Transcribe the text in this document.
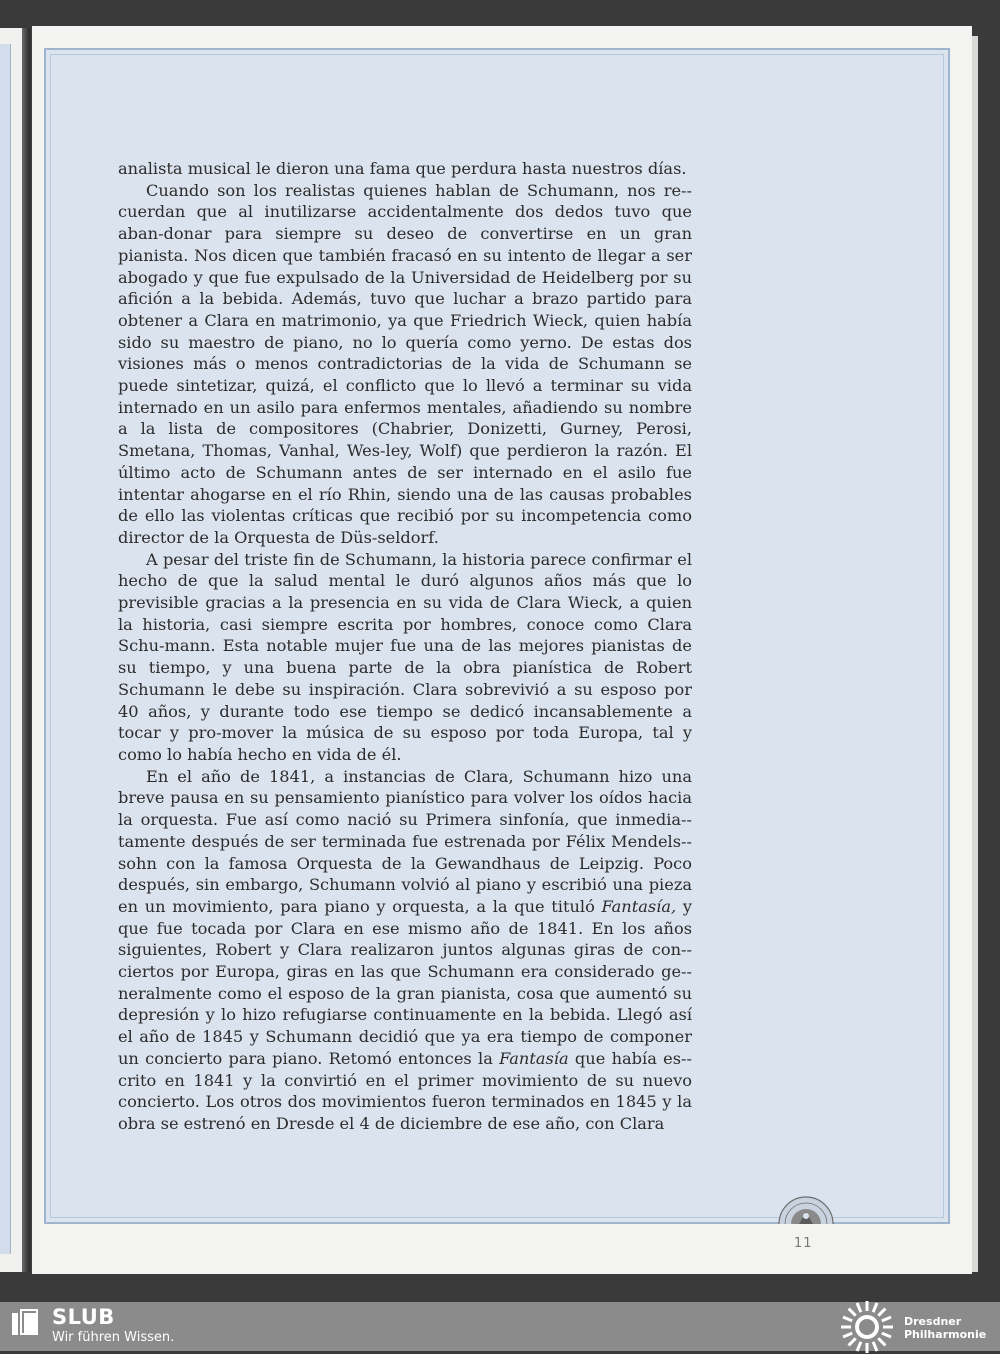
analista musical le dieron una fama que perdura hasta nuestros días.

Cuando son los realistas quienes hablan de Schumann, nos re-cuerdan que al inutilizarse accidentalmente dos dedos tuvo que aban-donar para siempre su deseo de convertirse en un gran pianista. Nos dicen que también fracasó en su intento de llegar a ser abogado y que fue expulsado de la Universidad de Heidelberg por su afición a la bebida. Además, tuvo que luchar a brazo partido para obtener a Clara en matrimonio, ya que Friedrich Wieck, quien había sido su maestro de piano, no lo quería como yerno. De estas dos visiones más o menos contradictorias de la vida de Schumann se puede sintetizar, quizá, el conflicto que lo llevó a terminar su vida internado en un asilo para enfermos mentales, añadiendo su nombre a la lista de compositores (Chabrier, Donizetti, Gurney, Perosi, Smetana, Thomas, Vanhal, Wes-ley, Wolf) que perdieron la razón. El último acto de Schumann antes de ser internado en el asilo fue intentar ahogarse en el río Rhin, siendo una de las causas probables de ello las violentas críticas que recibió por su incompetencia como director de la Orquesta de Düs-seldorf.

A pesar del triste fin de Schumann, la historia parece confirmar el hecho de que la salud mental le duró algunos años más que lo previsible gracias a la presencia en su vida de Clara Wieck, a quien la historia, casi siempre escrita por hombres, conoce como Clara Schu-mann. Esta notable mujer fue una de las mejores pianistas de su tiempo, y una buena parte de la obra pianística de Robert Schumann le debe su inspiración. Clara sobrevivió a su esposo por 40 años, y durante todo ese tiempo se dedicó incansablemente a tocar y pro-mover la música de su esposo por toda Europa, tal y como lo había hecho en vida de él.

En el año de 1841, a instancias de Clara, Schumann hizo una breve pausa en su pensamiento pianístico para volver los oídos hacia la orquesta. Fue así como nació su Primera sinfonía, que inmedia-tamente después de ser terminada fue estrenada por Félix Mendels-sohn con la famosa Orquesta de la Gewandhaus de Leipzig. Poco después, sin embargo, Schumann volvió al piano y escribió una pieza en un movimiento, para piano y orquesta, a la que tituló Fantasía, y que fue tocada por Clara en ese mismo año de 1841. En los años siguientes, Robert y Clara realizaron juntos algunas giras de con-ciertos por Europa, giras en las que Schumann era considerado ge-neralmente como el esposo de la gran pianista, cosa que aumentó su depresión y lo hizo refugiarse continuamente en la bebida. Llegó así el año de 1845 y Schumann decidió que ya era tiempo de componer un concierto para piano. Retomó entonces la Fantasía que había es-crito en 1841 y la convirtió en el primer movimiento de su nuevo concierto. Los otros dos movimientos fueron terminados en 1845 y la obra se estrenó en Dresde el 4 de diciembre de ese año, con Clara

11
SLUB
Wir führen Wissen.
Dresdner
Philharmonie
